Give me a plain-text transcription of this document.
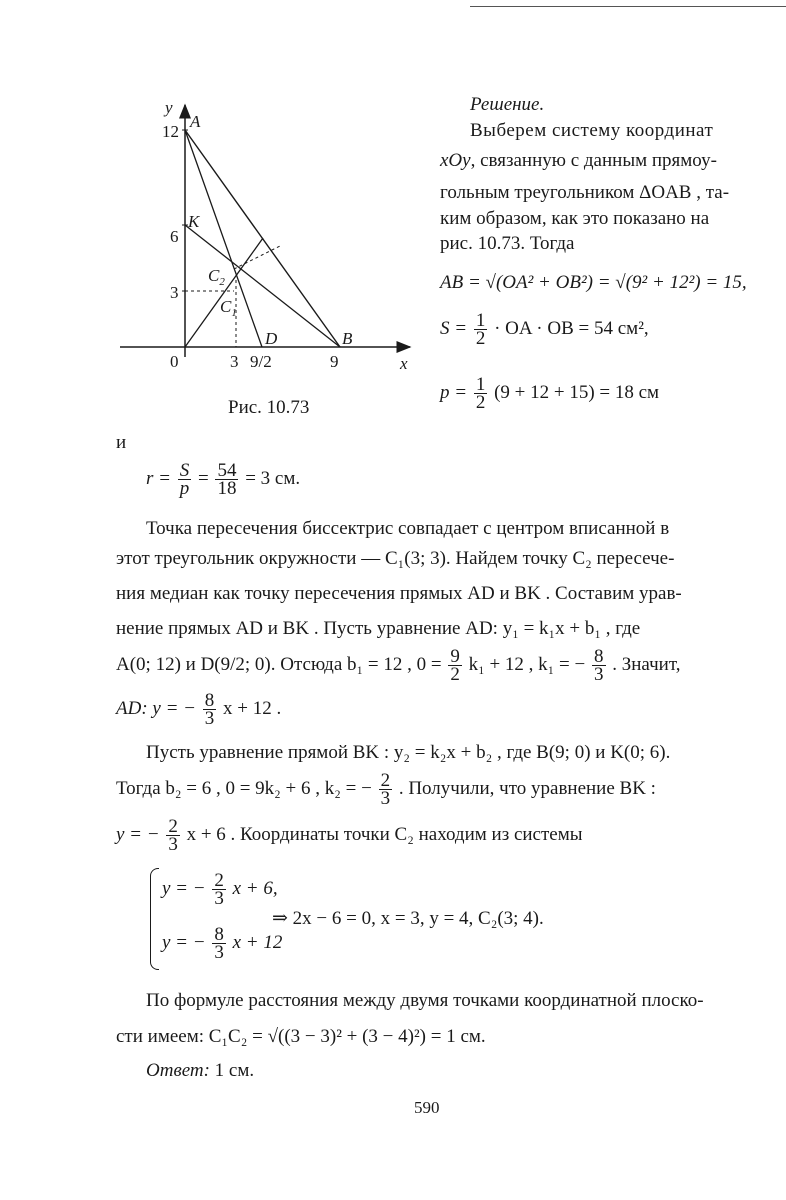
y
A
12
K
6
$C_2$
3
$C_1$
D	B
0	3 9/2	9	x
Рис. 10.73
Решение.
Выберем систему координат
xOy, связанную с данным прямоу-
гольным треугольником ΔOAB , та-
ким образом, как это показано на
рис. 10.73. Тогда
AB = √(OA² + OB²) = √(9² + 12²) = 15,
$S = \frac{1}{2}$ · OA · OB = 54 см²,
$p = \frac{1}{2} (9 + 12 + 15) = 18$ см
и
$r = \frac{S}{p} = \frac{54}{18} = 3$ см.
Точка пересечения биссектрис совпадает с центром вписанной в
этот треугольник окружности — C₁(3; 3). Найдем точку C₂ пересече-
ния медиан как точку пересечения прямых AD и BK . Составим урав-
нение прямых AD и BK . Пусть уравнение AD: y₁ = k₁x + b₁ , где
A(0; 12) и D(9/2; 0). Отсюда b₁ = 12 , $0 = \frac{9}{2} k_1 + 12$ , k₁ = − $\frac{8}{3}$ . Значит,
AD: y = − $\frac{8}{3}$ x + 12 .
Пусть уравнение прямой BK : y₂ = k₂x + b₂ , где B(9; 0) и K(0; 6).
Тогда b₂ = 6 , 0 = 9k₂ + 6 , k₂ = − $\frac{2}{3}$ . Получили, что уравнение BK :
y = − $\frac{2}{3}$ x + 6 . Координаты точки C₂ находим из системы
y = − $\frac{2}{3}$ x + 6,
y = − $\frac{8}{3}$ x + 12
⇒ 2x − 6 = 0, x = 3, y = 4, C₂(3; 4).
По формуле расстояния между двумя точками координатной плоско-
сти имеем: C₁C₂ = √((3 − 3)² + (3 − 4)²) = 1 см.
Ответ: 1 см.
590
